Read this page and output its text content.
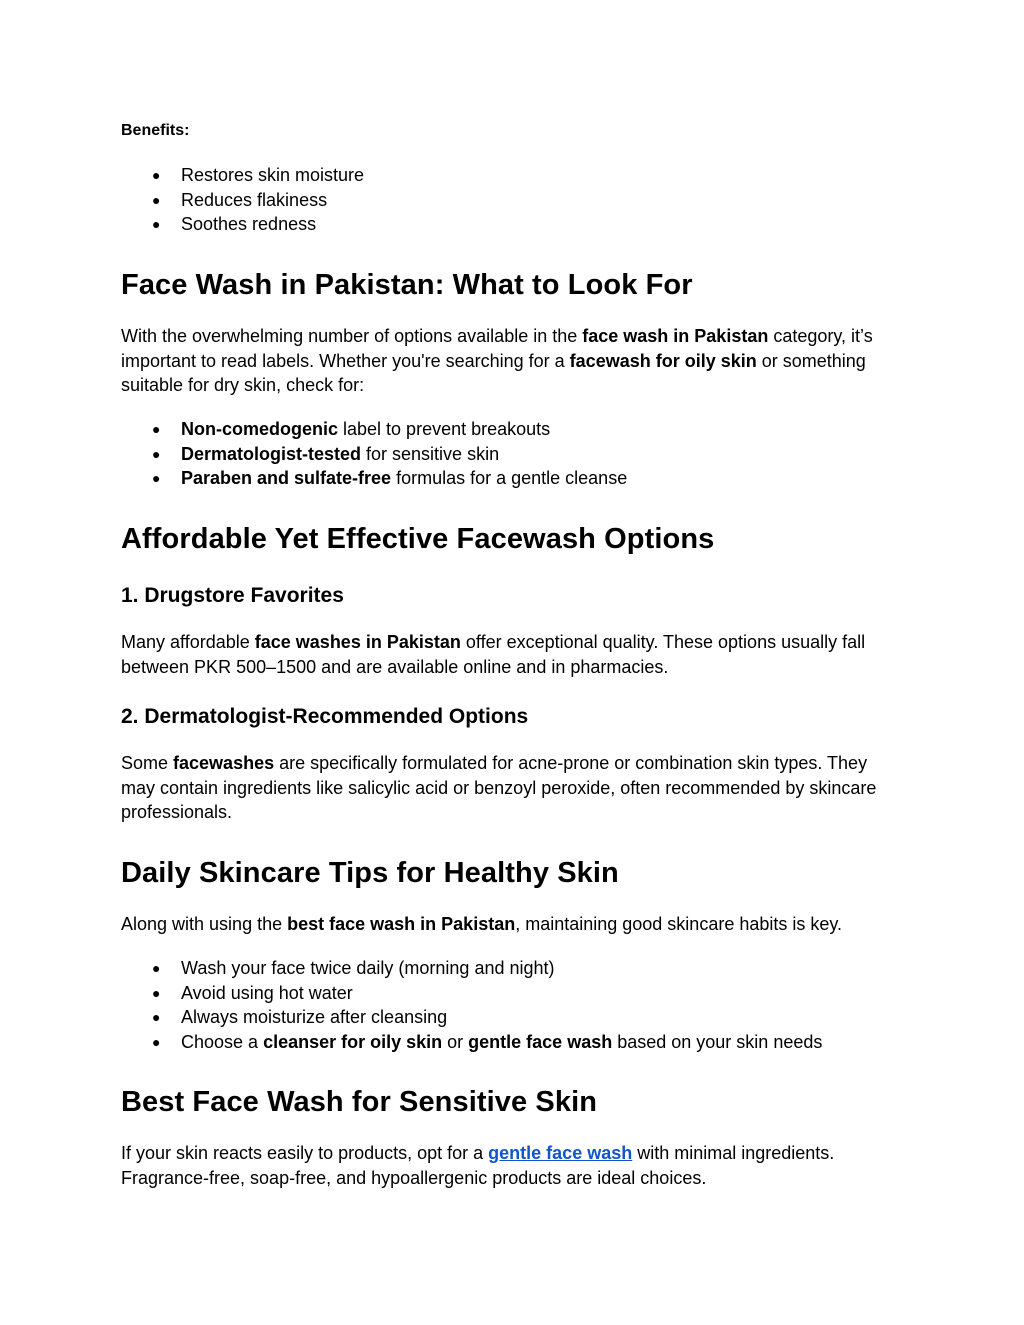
Benefits:

● Restores skin moisture
● Reduces flakiness
● Soothes redness
Face Wash in Pakistan: What to Look For

With the overwhelming number of options available in the face wash in Pakistan category, it’s important to read labels. Whether you're searching for a facewash for oily skin or something suitable for dry skin, check for:

● Non-comedogenic label to prevent breakouts
● Dermatologist-tested for sensitive skin
● Paraben and sulfate-free formulas for a gentle cleanse
Affordable Yet Effective Facewash Options
1. Drugstore Favorites

Many affordable face washes in Pakistan offer exceptional quality. These options usually fall between PKR 500–1500 and are available online and in pharmacies.

2. Dermatologist-Recommended Options

Some facewashes are specifically formulated for acne-prone or combination skin types. They may contain ingredients like salicylic acid or benzoyl peroxide, often recommended by skincare professionals.

Daily Skincare Tips for Healthy Skin

Along with using the best face wash in Pakistan, maintaining good skincare habits is key.

● Wash your face twice daily (morning and night)
● Avoid using hot water
● Always moisturize after cleansing
● Choose a cleanser for oily skin or gentle face wash based on your skin needs
Best Face Wash for Sensitive Skin

If your skin reacts easily to products, opt for a gentle face wash with minimal ingredients. Fragrance-free, soap-free, and hypoallergenic products are ideal choices.
